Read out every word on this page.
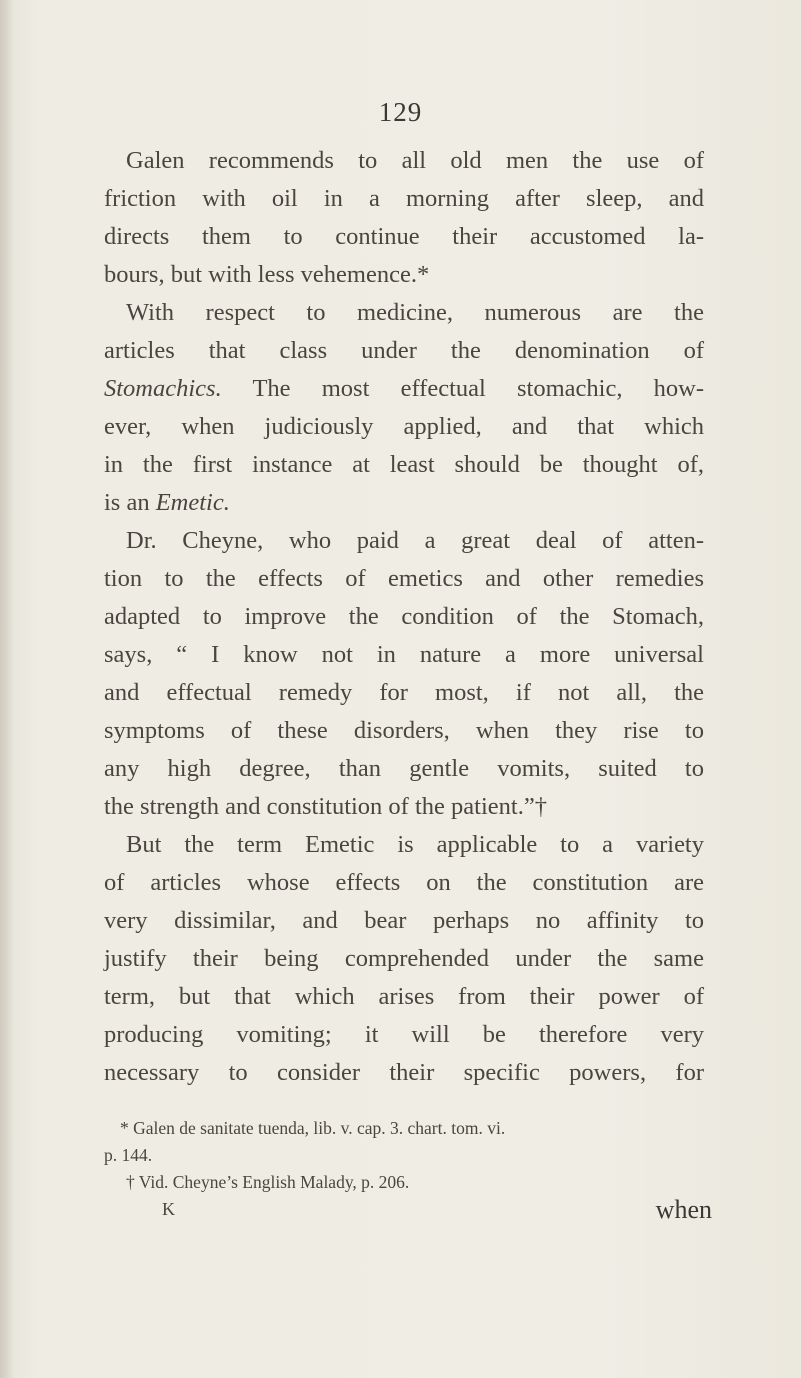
129
Galen recommends to all old men the use of
friction with oil in a morning after sleep, and
directs them to continue their accustomed la-
bours, but with less vehemence.*
With respect to medicine, numerous are the
articles that class under the denomination of
Stomachics. The most effectual stomachic, how-
ever, when judiciously applied, and that which
in the first instance at least should be thought of,
is an Emetic.
Dr. Cheyne, who paid a great deal of atten-
tion to the effects of emetics and other remedies
adapted to improve the condition of the Stomach,
says, “ I know not in nature a more universal
and effectual remedy for most, if not all, the
symptoms of these disorders, when they rise to
any high degree, than gentle vomits, suited to
the strength and constitution of the patient.”†
But the term Emetic is applicable to a variety
of articles whose effects on the constitution are
very dissimilar, and bear perhaps no affinity to
justify their being comprehended under the same
term, but that which arises from their power of
producing vomiting; it will be therefore very
necessary to consider their specific powers, for
* Galen de sanitate tuenda, lib. v. cap. 3. chart. tom. vi.
p. 144.
† Vid. Cheyne’s English Malady, p. 206.
K	when
